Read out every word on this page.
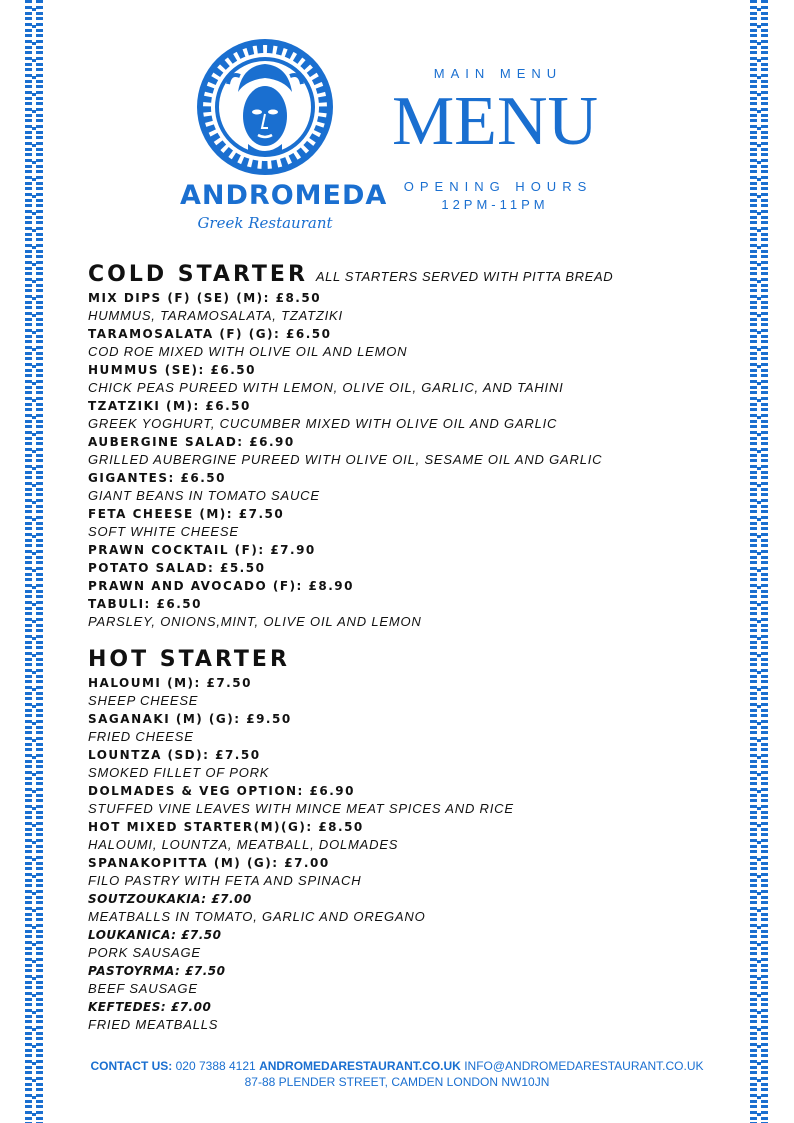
ANDROMEDA
Greek Restaurant
MAIN MENU
MENU
OPENING HOURS
12PM-11PM
COLD STARTER ALL STARTERS SERVED WITH PITTA BREAD
MIX DIPS (F) (SE) (M): £8.50
HUMMUS, TARAMOSALATA, TZATZIKI
TARAMOSALATA (F) (G): £6.50
COD ROE MIXED WITH OLIVE OIL AND LEMON
HUMMUS (SE): £6.50
CHICK PEAS PUREED WITH LEMON, OLIVE OIL, GARLIC, AND TAHINI
TZATZIKI (M): £6.50
GREEK YOGHURT, CUCUMBER MIXED WITH OLIVE OIL AND GARLIC
AUBERGINE SALAD: £6.90
GRILLED AUBERGINE PUREED WITH OLIVE OIL, SESAME OIL AND GARLIC
GIGANTES: £6.50
GIANT BEANS IN TOMATO SAUCE
FETA CHEESE (M): £7.50
SOFT WHITE CHEESE
PRAWN COCKTAIL (F): £7.90
POTATO SALAD: £5.50
PRAWN AND AVOCADO (F): £8.90
TABULI: £6.50
PARSLEY, ONIONS,MINT, OLIVE OIL AND LEMON
HOT STARTER
HALOUMI (M): £7.50
SHEEP CHEESE
SAGANAKI (M) (G): £9.50
FRIED CHEESE
LOUNTZA (SD): £7.50
SMOKED FILLET OF PORK
DOLMADES & VEG OPTION: £6.90
STUFFED VINE LEAVES WITH MINCE MEAT SPICES AND RICE
HOT MIXED STARTER(M)(G): £8.50
HALOUMI, LOUNTZA, MEATBALL, DOLMADES
SPANAKOPITTA (M) (G): £7.00
FILO PASTRY WITH FETA AND SPINACH
SOUTZOUKAKIA: £7.00
MEATBALLS IN TOMATO, GARLIC AND OREGANO
LOUKANICA: £7.50
PORK SAUSAGE
PASTOYRMA: £7.50
BEEF SAUSAGE
KEFTEDES: £7.00
FRIED MEATBALLS
CONTACT US: 020 7388 4121 ANDROMEDARESTAURANT.CO.UK INFO@ANDROMEDARESTAURANT.CO.UK
87-88 PLENDER STREET, CAMDEN LONDON NW10JN
